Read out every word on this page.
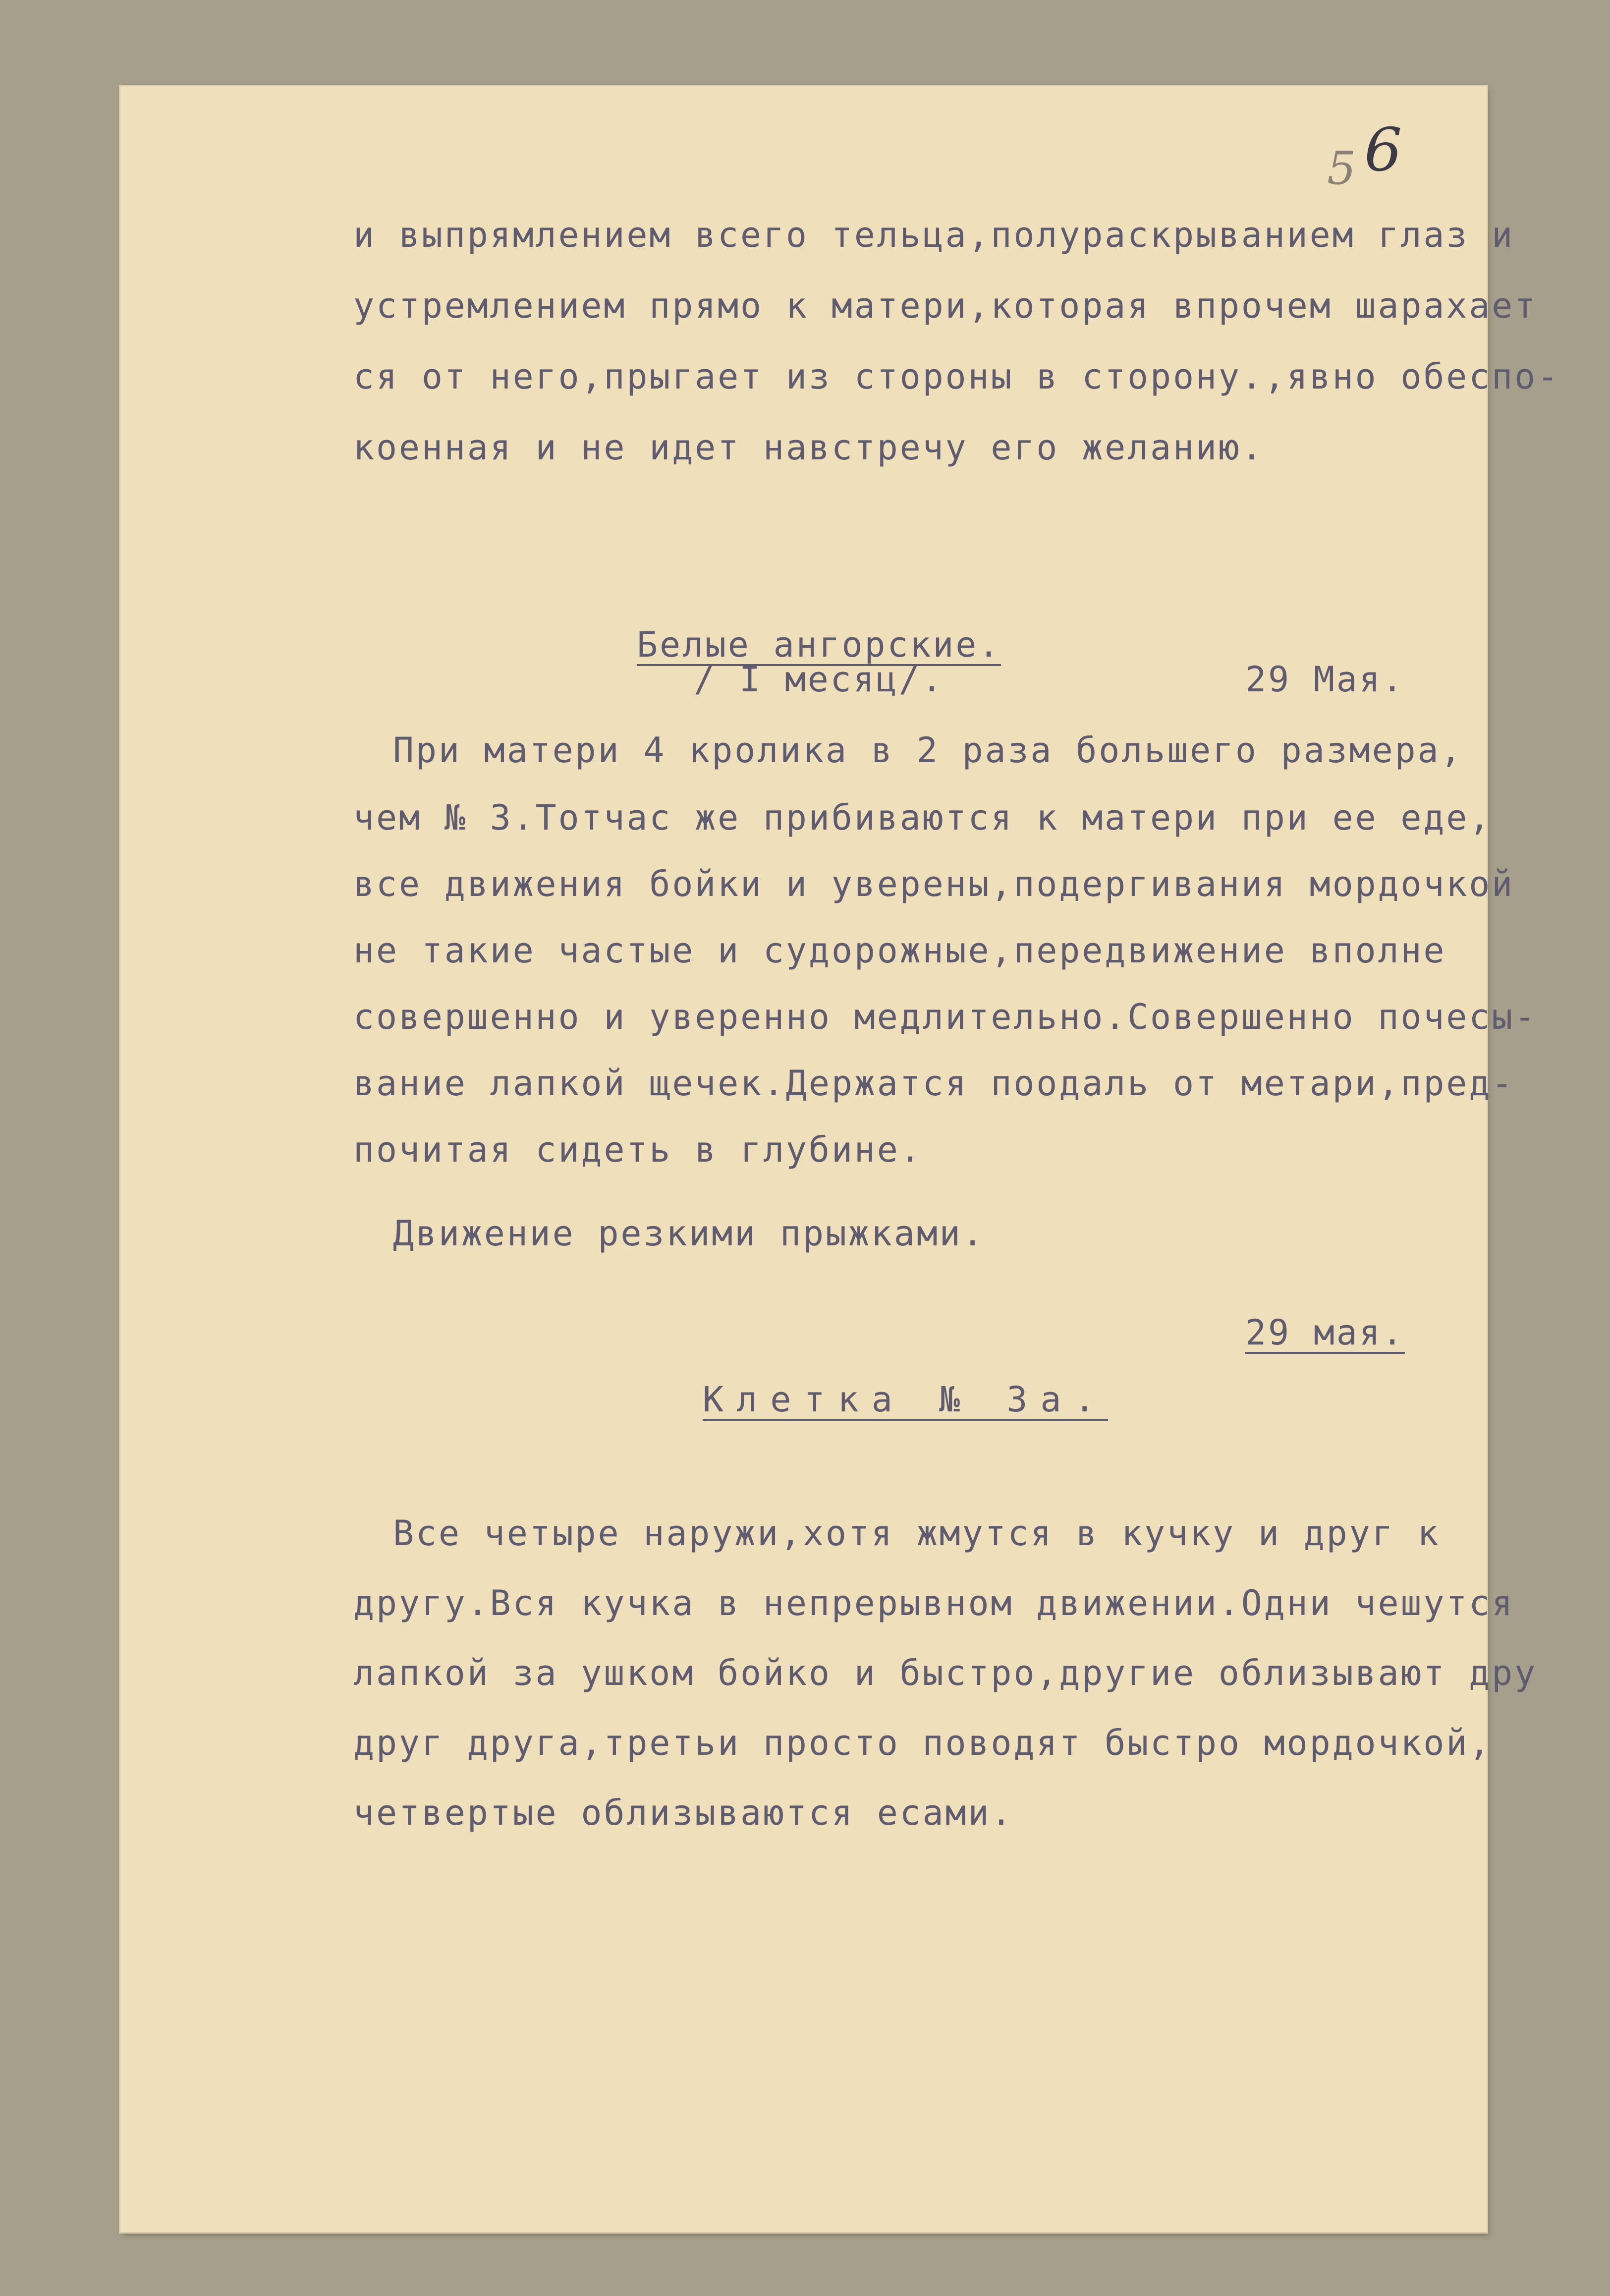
5 6
и выпрямлением всего тельца,полураскрыванием глаз и
устремлением прямо к матери,которая впрочем шарахает
ся от него,прыгает из стороны в сторону.,явно обеспо-
коенная и не идет навстречу его желанию.
Белые ангорские.
/ I месяц/.	29 Мая.
При матери 4 кролика в 2 раза большего размера,
чем № 3.Тотчас же прибиваются к матери при ее еде,
все движения бойки и уверены,подергивания мордочкой
не такие частые и судорожные,передвижение вполне
совершенно и уверенно медлительно.Совершенно почесы-
вание лапкой щечек.Держатся поодаль от метари,пред-
почитая сидеть в глубине.
Движение резкими прыжками.
29 мая.
Клетка № За.
Все четыре наружи,хотя жмутся в кучку и друг к
другу.Вся кучка в непрерывном движении.Одни чешутся
лапкой за ушком бойко и быстро,другие облизывают дру
друг друга,третьи просто поводят быстро мордочкой,
четвертые облизываются есами.
